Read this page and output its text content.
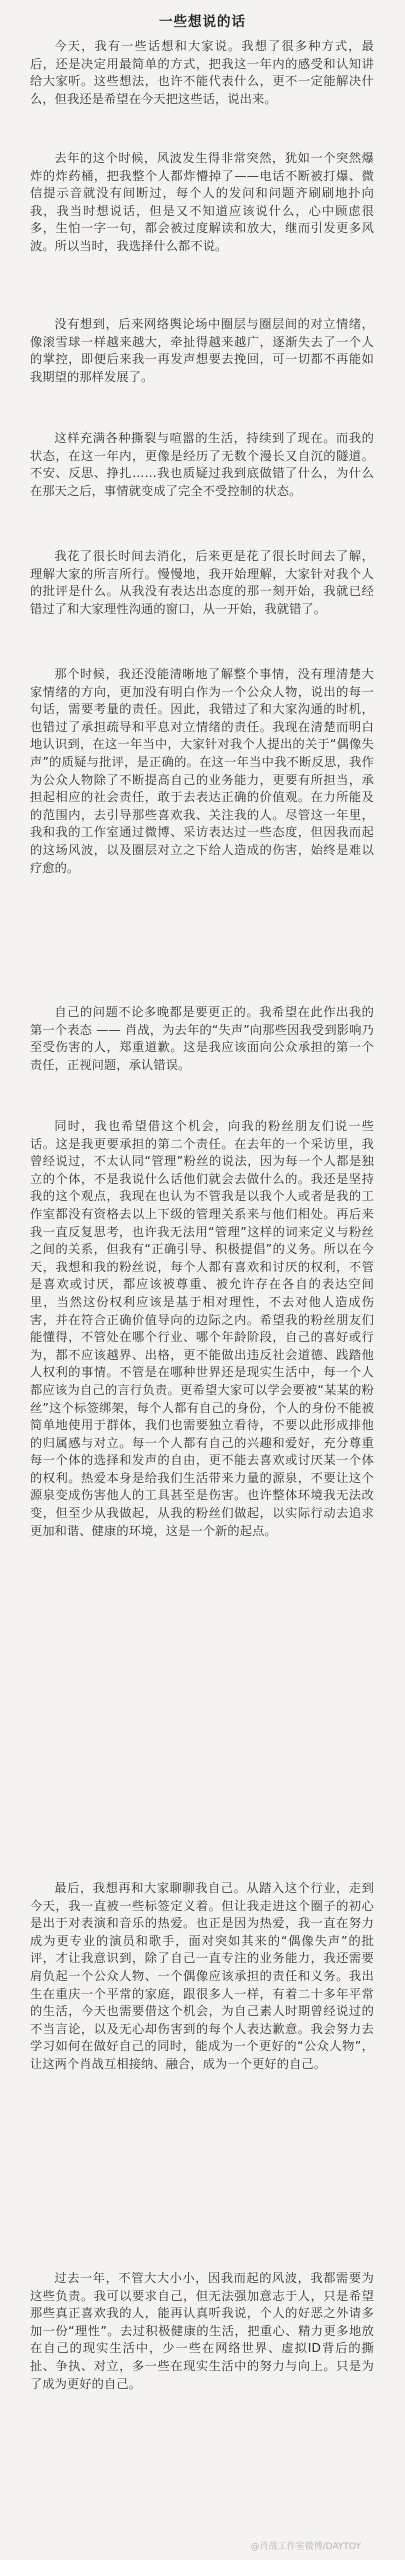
一些想说的话

今天，我有一些话想和大家说。我想了很多种方式，最后，还是决定用最简单的方式，把我这一年内的感受和认知讲给大家听。这些想法，也许不能代表什么，更不一定能解决什么，但我还是希望在今天把这些话，说出来。

去年的这个时候，风波发生得非常突然，犹如一个突然爆炸的炸药桶，把我整个人都炸懵掉了——电话不断被打爆、微信提示音就没有间断过，每个人的发问和问题齐刷刷地扑向我，我当时想说话，但是又不知道应该说什么，心中顾虑很多，生怕一字一句，都会被过度解读和放大，继而引发更多风波。所以当时，我选择什么都不说。

没有想到，后来网络舆论场中圈层与圈层间的对立情绪，像滚雪球一样越来越大，牵扯得越来越广，逐渐失去了一个人的掌控，即便后来我一再发声想要去挽回，可一切都不再能如我期望的那样发展了。

这样充满各种撕裂与喧嚣的生活，持续到了现在。而我的状态，在这一年内，更像是经历了无数个漫长又自沉的隧道。不安、反思、挣扎……我也质疑过我到底做错了什么，为什么在那天之后，事情就变成了完全不受控制的状态。

我花了很长时间去消化，后来更是花了很长时间去了解，理解大家的所言所行。慢慢地，我开始理解，大家针对我个人的批评是什么。从我没有表达出态度的那一刻开始，我就已经错过了和大家理性沟通的窗口，从一开始，我就错了。

那个时候，我还没能清晰地了解整个事情，没有理清楚大家情绪的方向，更加没有明白作为一个公众人物，说出的每一句话，需要考量的责任。因此，我错过了和大家沟通的时机，也错过了承担疏导和平息对立情绪的责任。我现在清楚而明白地认识到，在这一年当中，大家针对我个人提出的关于“偶像失声”的质疑与批评，是正确的。在这一年当中我不断反思，我作为公众人物除了不断提高自己的业务能力，更要有所担当，承担起相应的社会责任，敢于去表达正确的价值观。在力所能及的范围内，去引导那些喜欢我、关注我的人。尽管这一年里，我和我的工作室通过微博、采访表达过一些态度，但因我而起的这场风波，以及圈层对立之下给人造成的伤害，始终是难以疗愈的。

自己的问题不论多晚都是要更正的。我希望在此作出我的第一个表态 —— 肖战，为去年的“失声”向那些因我受到影响乃至受伤害的人，郑重道歉。这是我应该面向公众承担的第一个责任，正视问题，承认错误。

同时，我也希望借这个机会，向我的粉丝朋友们说一些话。这是我更要承担的第二个责任。在去年的一个采访里，我曾经说过，不太认同“管理”粉丝的说法，因为每一个人都是独立的个体，不是我说什么话他们就会去做什么的。我还是坚持我的这个观点，我现在也认为不管我是以我个人或者是我的工作室都没有资格去以上下级的管理关系来与他们相处。再后来我一直反复思考，也许我无法用“管理”这样的词来定义与粉丝之间的关系，但我有“正确引导、积极提倡”的义务。所以在今天，我想和我的粉丝说，每个人都有喜欢和讨厌的权利，不管是喜欢或讨厌，都应该被尊重、被允许存在各自的表达空间里，当然这份权利应该是基于相对理性，不去对他人造成伤害，并在符合正确价值导向的边际之内。希望我的粉丝朋友们能懂得，不管处在哪个行业、哪个年龄阶段，自己的喜好或行为，都不应该越界、出格，更不能做出违反社会道德、践踏他人权利的事情。不管是在哪种世界还是现实生活中，每一个人都应该为自己的言行负责。更希望大家可以学会要被“某某的粉丝”这个标签绑架，每个人都有自己的身份，个人的身份不能被简单地使用于群体，我们也需要独立看待，不要以此形成排他的归属感与对立。每一个人都有自己的兴趣和爱好，充分尊重每一个体的选择和发声的自由，更不能去喜欢或讨厌某一个体的权利。热爱本身是给我们生活带来力量的源泉，不要让这个源泉变成伤害他人的工具甚至是伤害。也许整体环境我无法改变，但至少从我做起，从我的粉丝们做起，以实际行动去追求更加和谐、健康的环境，这是一个新的起点。

最后，我想再和大家聊聊我自己。从踏入这个行业，走到今天，我一直被一些标签定义着。但让我走进这个圈子的初心是出于对表演和音乐的热爱。也正是因为热爱，我一直在努力成为更专业的演员和歌手，面对突如其来的“偶像失声”的批评，才让我意识到，除了自己一直专注的业务能力，我还需要肩负起一个公众人物、一个偶像应该承担的责任和义务。我出生在重庆一个平常的家庭，跟很多人一样，有着二十多年平常的生活，今天也需要借这个机会，为自己素人时期曾经说过的不当言论，以及无心却伤害到的每个人表达歉意。我会努力去学习如何在做好自己的同时，能成为一个更好的“公众人物”，让这两个肖战互相接纳、融合，成为一个更好的自己。

过去一年，不管大大小小，因我而起的风波，我都需要为这些负责。我可以要求自己，但无法强加意志于人，只是希望那些真正喜欢我的人，能再认真听我说，个人的好恶之外请多加一份“理性”。去过积极健康的生活，把重心、精力更多地放在自己的现实生活中，少一些在网络世界、虚拟ID背后的撕扯、争执、对立，多一些在现实生活中的努力与向上。只是为了成为更好的自己。

@肖战工作室微博/DAYTOY
